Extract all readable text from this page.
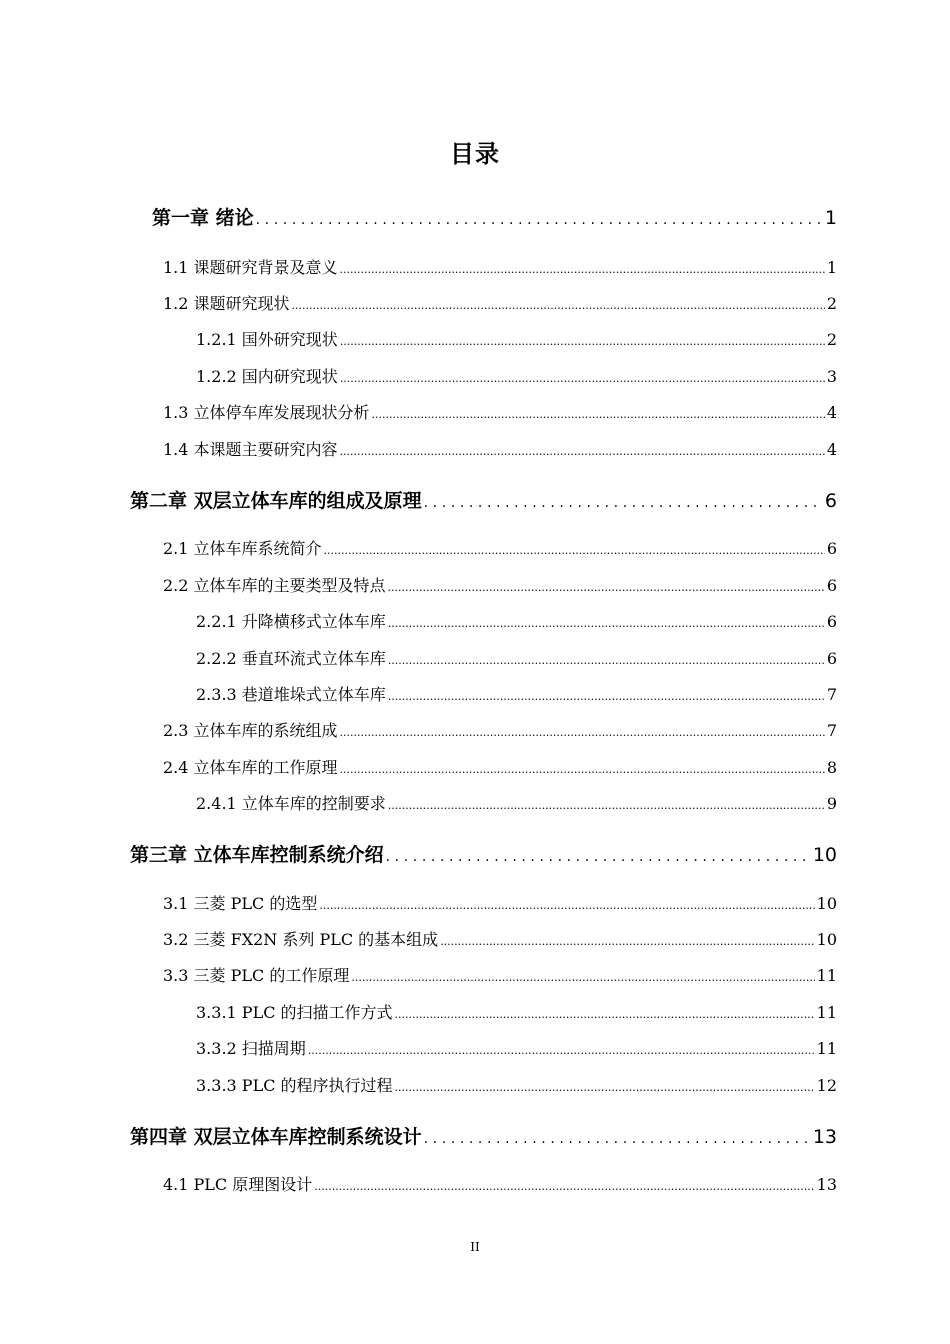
目录
第一章 绪论 .....	1
1.1 课题研究背景及意义 .....	1
1.2 课题研究现状 .....	2
1.2.1 国外研究现状 .....	2
1.2.2 国内研究现状 .....	3
1.3 立体停车库发展现状分析 .....	4
1.4 本课题主要研究内容 .....	4
第二章 双层立体车库的组成及原理 .....	6
2.1 立体车库系统简介 .....	6
2.2 立体车库的主要类型及特点 .....	6
2.2.1 升降横移式立体车库 .....	6
2.2.2 垂直环流式立体车库 .....	6
2.3.3 巷道堆垛式立体车库 .....	7
2.3 立体车库的系统组成 .....	7
2.4 立体车库的工作原理 .....	8
2.4.1 立体车库的控制要求 .....	9
第三章 立体车库控制系统介绍 .....	10
3.1 三菱 PLC 的选型 .....	10
3.2 三菱 FX2N 系列 PLC 的基本组成 .....	10
3.3 三菱 PLC 的工作原理 .....	11
3.3.1 PLC 的扫描工作方式 .....	11
3.3.2 扫描周期 .....	11
3.3.3 PLC 的程序执行过程 .....	12
第四章 双层立体车库控制系统设计 .....	13
4.1 PLC 原理图设计 .....	13
II
